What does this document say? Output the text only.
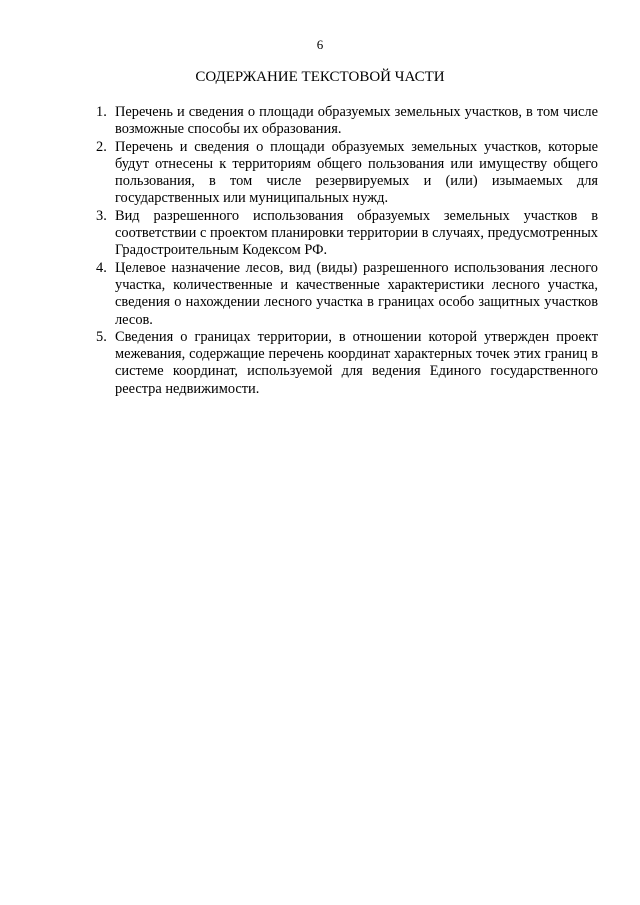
6
СОДЕРЖАНИЕ ТЕКСТОВОЙ ЧАСТИ
1. Перечень и сведения о площади образуемых земельных участков, в том числе возможные способы их образования.
2. Перечень и сведения о площади образуемых земельных участков, которые будут отнесены к территориям общего пользования или имуществу общего пользования, в том числе резервируемых и (или) изымаемых для государственных или муниципальных нужд.
3. Вид разрешенного использования образуемых земельных участков в соответствии с проектом планировки территории в случаях, предусмотренных Градостроительным Кодексом РФ.
4. Целевое назначение лесов, вид (виды) разрешенного использования лесного участка, количественные и качественные характеристики лесного участка, сведения о нахождении лесного участка в границах особо защитных участков лесов.
5. Сведения о границах территории, в отношении которой утвержден проект межевания, содержащие перечень координат характерных точек этих границ в системе координат, используемой для ведения Единого государственного реестра недвижимости.
